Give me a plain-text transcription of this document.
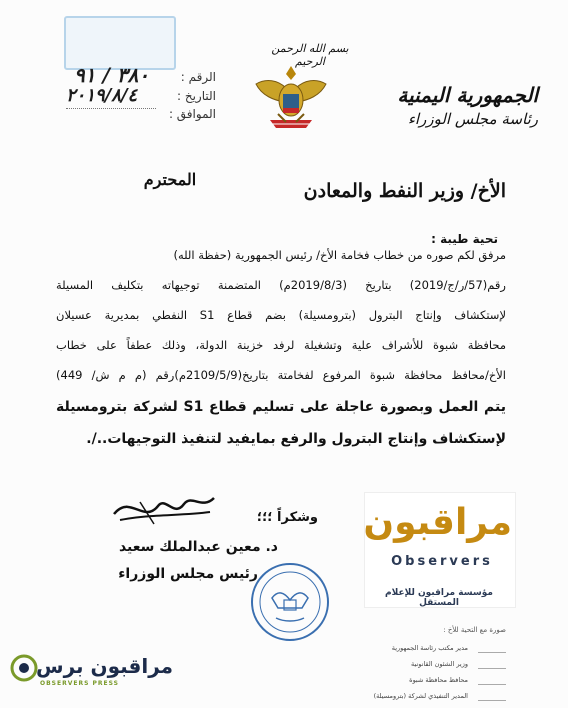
الرقم :
التاريخ :
الموافق :
٣٨٠ / ٩١
٢٠١٩/٨/٤
بسم الله الرحمن الرحيم
الجمهورية اليمنية
رئاسة مجلس الوزراء
المحترم
الأخ/ وزير النفط والمعادن
تحية طيبة :
مرفق لكم صوره من خطاب فخامة الأخ/ رئيس الجمهورية (حفظة الله)
رقم(57/ر/ج/2019) بتاريخ (2019/8/3م) المتضمنة توجيهاته بتكليف المسيلة
لإستكشاف وإنتاج البترول (بترومسيلة) بضم قطاع S1 النفطي بمديرية عسيلان
محافظة شبوة للأشراف علية وتشغيلة لرفد خزينة الدولة، وذلك عطفاً على خطاب
الأخ/محافظ محافظة شبوة المرفوع لفخامتة بتاريخ(2109/5/9م)رقم (م م ش/ 449)
يتم العمل وبصورة عاجلة على تسليم قطاع S1 لشركة بترومسيلة
لإستكشاف وإنتاج البترول والرفع بمايفيد لتنفيذ التوجيهات../.
وشكراً ؛؛؛
د. معين عبدالملك سعيد
رئيس مجلس الوزراء
مراقبون
Observers
مؤسسة مراقبون للإعلام المستقل
صورة مع التحية للأخ :
مدير مكتب رئاسة الجمهورية
وزير الشئون القانونية
محافظ محافظة شبوة
المدير التنفيذي لشركة (بترومسيلة)
مراقبون برس
OBSERVERS PRESS
